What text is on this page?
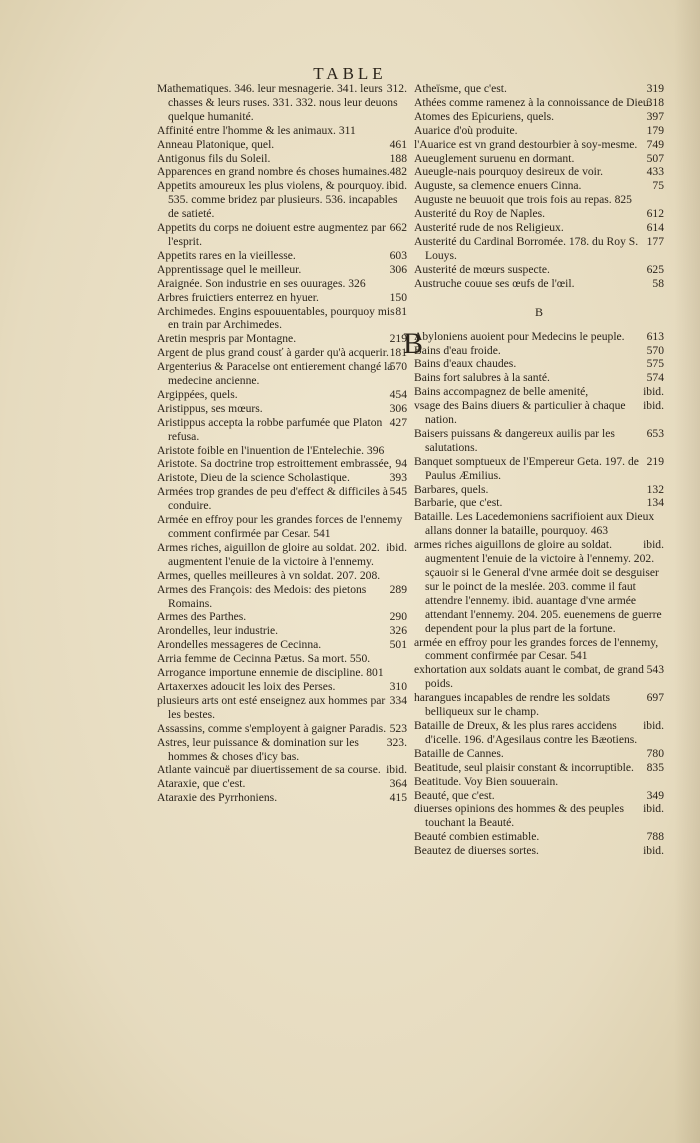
TABLE
312.
Mathematiques. 346. leur mesnagerie. 341. leurs chasses & leurs ruses. 331. 332. nous leur deuons quelque humanité.
Affinité entre l'homme & les animaux. 311
461
Anneau Platonique, quel.
188
Antigonus fils du Soleil.
482
Apparences en grand nombre és choses humaines.
ibid.
Appetits amoureux les plus violens, & pourquoy. 535. comme bridez par plusieurs. 536. incapables de satieté.
662
Appetits du corps ne doiuent estre augmentez par l'esprit.
603
Appetits rares en la vieillesse.
306
Apprentissage quel le meilleur.
Araignée. Son industrie en ses ouurages. 326
150
Arbres fruictiers enterrez en hyuer.
81
Archimedes. Engins espouuentables, pourquoy mis en train par Archimedes.
219
Aretin mespris par Montagne.
181
Argent de plus grand cousť à garder qu'à acquerir.
570
Argenterius & Paracelse ont entierement changé la medecine ancienne.
454
Argippées, quels.
306
Aristippus, ses mœurs.
427
Aristippus accepta la robbe parfumée que Platon refusa.
Aristote foible en l'inuention de l'Entelechie. 396
94
Aristote. Sa doctrine trop estroittement embrassée,
393
Aristote, Dieu de la science Scholastique.
545
Armées trop grandes de peu d'effect & difficiles à conduire.
Armée en effroy pour les grandes forces de l'ennemy comment confirmée par Cesar. 541
ibid.
Armes riches, aiguillon de gloire au soldat. 202. augmentent l'enuie de la victoire à l'ennemy.
Armes, quelles meilleures à vn soldat. 207. 208.
289
Armes des François: des Medois: des pietons Romains.
290
Armes des Parthes.
326
Arondelles, leur industrie.
501
Arondelles messageres de Cecinna.
Arria femme de Cecinna Pætus. Sa mort. 550.
Arrogance importune ennemie de discipline. 801
310
Artaxerxes adoucit les loix des Perses.
334
plusieurs arts ont esté enseignez aux hommes par les bestes.
523
Assassins, comme s'employent à gaigner Paradis.
323.
Astres, leur puissance & domination sur les hommes & choses d'icy bas.
ibid.
Atlante vaincuë par diuertissement de sa course.
364
Ataraxie, que c'est.
415
Ataraxie des Pyrrhoniens.
319
Atheïsme, que c'est.
318
Athées comme ramenez à la connoissance de Dieu.
397
Atomes des Epicuriens, quels.
179
Auarice d'où produite.
749
l'Auarice est vn grand destourbier à soy-mesme.
507
Aueuglement suruenu en dormant.
433
Aueugle-nais pourquoy desireux de voir.
75
Auguste, sa clemence enuers Cinna.
Auguste ne beuuoit que trois fois au repas. 825
612
Austerité du Roy de Naples.
614
Austerité rude de nos Religieux.
177
Austerité du Cardinal Borromée. 178. du Roy S. Louys.
625
Austerité de mœurs suspecte.
58
Austruche couue ses œufs de l'œil.
B
613
B
Abyloniens auoient pour Medecins le peuple.
570
Bains d'eau froide.
575
Bains d'eaux chaudes.
574
Bains fort salubres à la santé.
ibid.
Bains accompagnez de belle amenité,
ibid.
vsage des Bains diuers & particulier à chaque nation.
653
Baisers puissans & dangereux auilis par les salutations.
219
Banquet somptueux de l'Empereur Geta. 197. de Paulus Æmilius.
132
Barbares, quels.
134
Barbarie, que c'est.
Bataille. Les Lacedemoniens sacrifioient aux Dieux allans donner la bataille, pourquoy. 463
ibid.
armes riches aiguillons de gloire au soldat. augmentent l'enuie de la victoire à l'ennemy. 202. sçauoir si le General d'vne armée doit se desguiser sur le poinct de la meslée. 203. comme il faut attendre l'ennemy. ibid. auantage d'vne armée attendant l'ennemy. 204. 205. euenemens de guerre dependent pour la plus part de la fortune.
armée en effroy pour les grandes forces de l'ennemy, comment confirmée par Cesar. 541
543
exhortation aux soldats auant le combat, de grand poids.
697
harangues incapables de rendre les soldats belliqueux sur le champ.
ibid.
Bataille de Dreux, & les plus rares accidens d'icelle. 196. d'Agesilaus contre les Bæotiens.
780
Bataille de Cannes.
835
Beatitude, seul plaisir constant & incorruptible.
Beatitude. Voy Bien souuerain.
349
Beauté, que c'est.
ibid.
diuerses opinions des hommes & des peuples touchant la Beauté.
788
Beauté combien estimable.
ibid.
Beautez de diuerses sortes.
